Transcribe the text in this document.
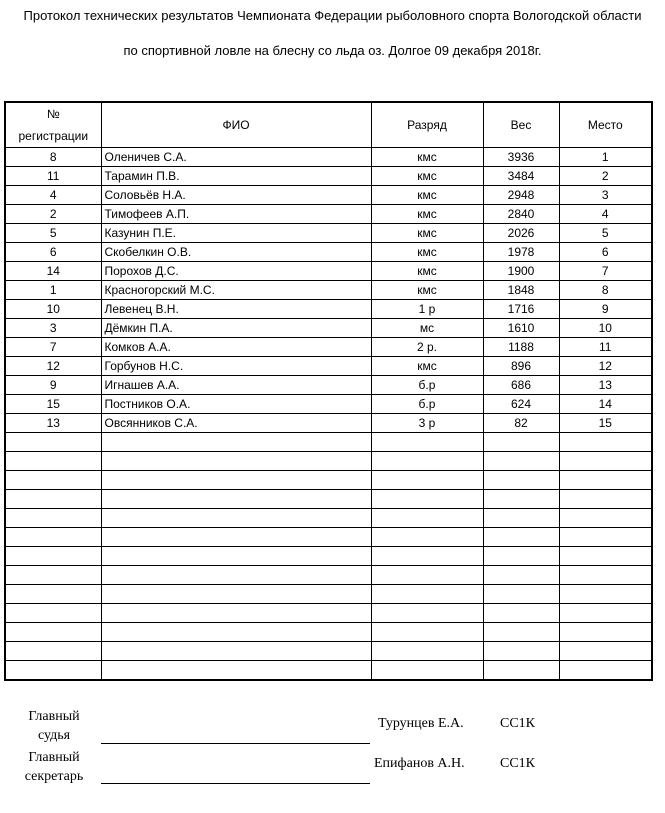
Протокол технических результатов Чемпионата Федерации рыболовного спорта Вологодской области
по спортивной ловле на блесну со льда оз. Долгое 09 декабря 2018г.
№
регистрации	ФИО	Разряд	Вес	Место
8	Оленичев С.А.	кмс	3936	1
11	Тарамин П.В.	кмс	3484	2
4	Соловьёв Н.А.	кмс	2948	3
2	Тимофеев А.П.	кмс	2840	4
5	Казунин П.Е.	кмс	2026	5
6	Скобелкин О.В.	кмс	1978	6
14	Порохов Д.С.	кмс	1900	7
1	Красногорский М.С.	кмс	1848	8
10	Левенец В.Н.	1 р	1716	9
3	Дёмкин П.А.	мс	1610	10
7	Комков А.А.	2 р.	1188	11
12	Горбунов Н.С.	кмс	896	12
9	Игнашев А.А.	б.р	686	13
15	Постников О.А.	б.р	624	14
13	Овсянников С.А.	3 р	82	15

Главный
судья
Турунцев Е.А.	СС1К
Главный
секретарь
Епифанов А.Н.	СС1К
